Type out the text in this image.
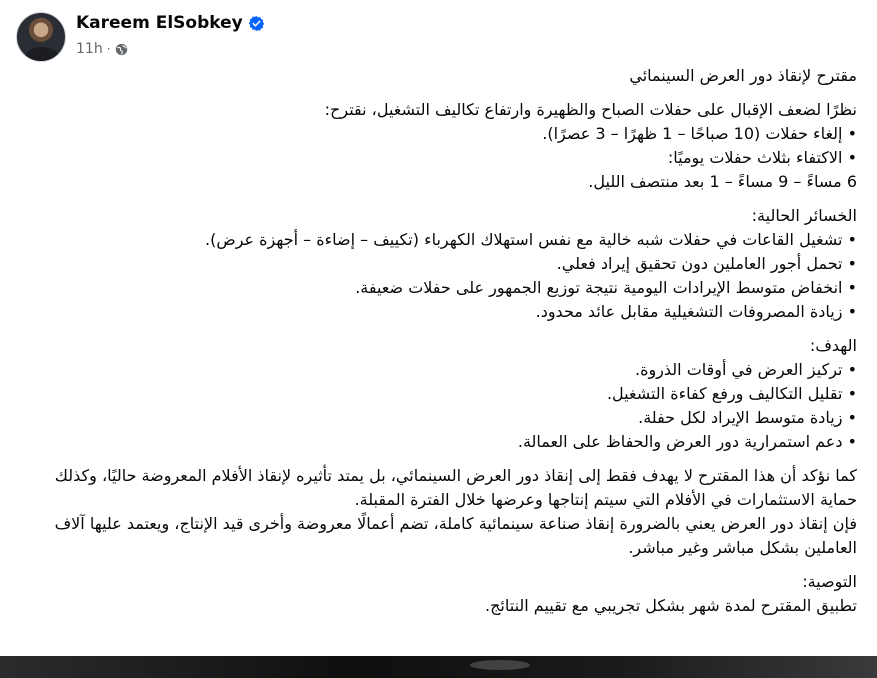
Kareem ElSobkey
11h ·
مقترح لإنقاذ دور العرض السينمائي
نظرًا لضعف الإقبال على حفلات الصباح والظهيرة وارتفاع تكاليف التشغيل، نقترح:
• إلغاء حفلات (10 صباحًا – 1 ظهرًا – 3 عصرًا).
• الاكتفاء بثلاث حفلات يوميًا:
6 مساءً – 9 مساءً – 1 بعد منتصف الليل.
الخسائر الحالية:
• تشغيل القاعات في حفلات شبه خالية مع نفس استهلاك الكهرباء (تكييف – إضاءة – أجهزة عرض).
• تحمل أجور العاملين دون تحقيق إيراد فعلي.
• انخفاض متوسط الإيرادات اليومية نتيجة توزيع الجمهور على حفلات ضعيفة.
• زيادة المصروفات التشغيلية مقابل عائد محدود.
الهدف:
• تركيز العرض في أوقات الذروة.
• تقليل التكاليف ورفع كفاءة التشغيل.
• زيادة متوسط الإيراد لكل حفلة.
• دعم استمرارية دور العرض والحفاظ على العمالة.
كما نؤكد أن هذا المقترح لا يهدف فقط إلى إنقاذ دور العرض السينمائي، بل يمتد تأثيره لإنقاذ الأفلام المعروضة حاليًا، وكذلك حماية الاستثمارات في الأفلام التي سيتم إنتاجها وعرضها خلال الفترة المقبلة.
فإن إنقاذ دور العرض يعني بالضرورة إنقاذ صناعة سينمائية كاملة، تضم أعمالًا معروضة وأخرى قيد الإنتاج، ويعتمد عليها آلاف العاملين بشكل مباشر وغير مباشر.
التوصية:
تطبيق المقترح لمدة شهر بشكل تجريبي مع تقييم النتائج.
